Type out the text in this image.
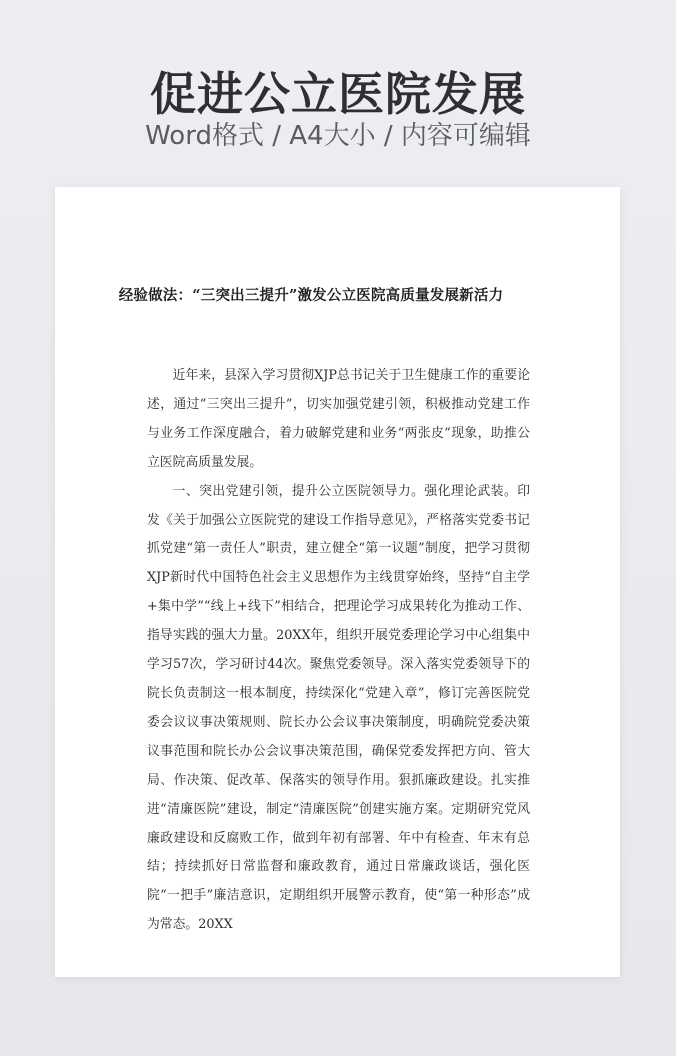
促进公立医院发展
Word格式 / A4大小 / 内容可编辑
经验做法：“三突出三提升”激发公立医院高质量发展新活力

近年来，县深入学习贯彻XJP总书记关于卫生健康工作的重要论述，通过“三突出三提升”，切实加强党建引领，积极推动党建工作与业务工作深度融合，着力破解党建和业务“两张皮”现象，助推公立医院高质量发展。

一、突出党建引领，提升公立医院领导力。强化理论武装。印发《关于加强公立医院党的建设工作指导意见》，严格落实党委书记抓党建“第一责任人”职责，建立健全“第一议题”制度，把学习贯彻XJP新时代中国特色社会主义思想作为主线贯穿始终，坚持“自主学+集中学”“线上+线下”相结合，把理论学习成果转化为推动工作、指导实践的强大力量。20XX年，组织开展党委理论学习中心组集中学习57次，学习研讨44次。聚焦党委领导。深入落实党委领导下的院长负责制这一根本制度，持续深化“党建入章”，修订完善医院党委会议议事决策规则、院长办公会议事决策制度，明确院党委决策议事范围和院长办公会议事决策范围，确保党委发挥把方向、管大局、作决策、促改革、保落实的领导作用。狠抓廉政建设。扎实推进“清廉医院”建设，制定“清廉医院”创建实施方案。定期研究党风廉政建设和反腐败工作，做到年初有部署、年中有检查、年末有总结；持续抓好日常监督和廉政教育，通过日常廉政谈话，强化医院“一把手”廉洁意识，定期组织开展警示教育，使“第一种形态”成为常态。20XX
